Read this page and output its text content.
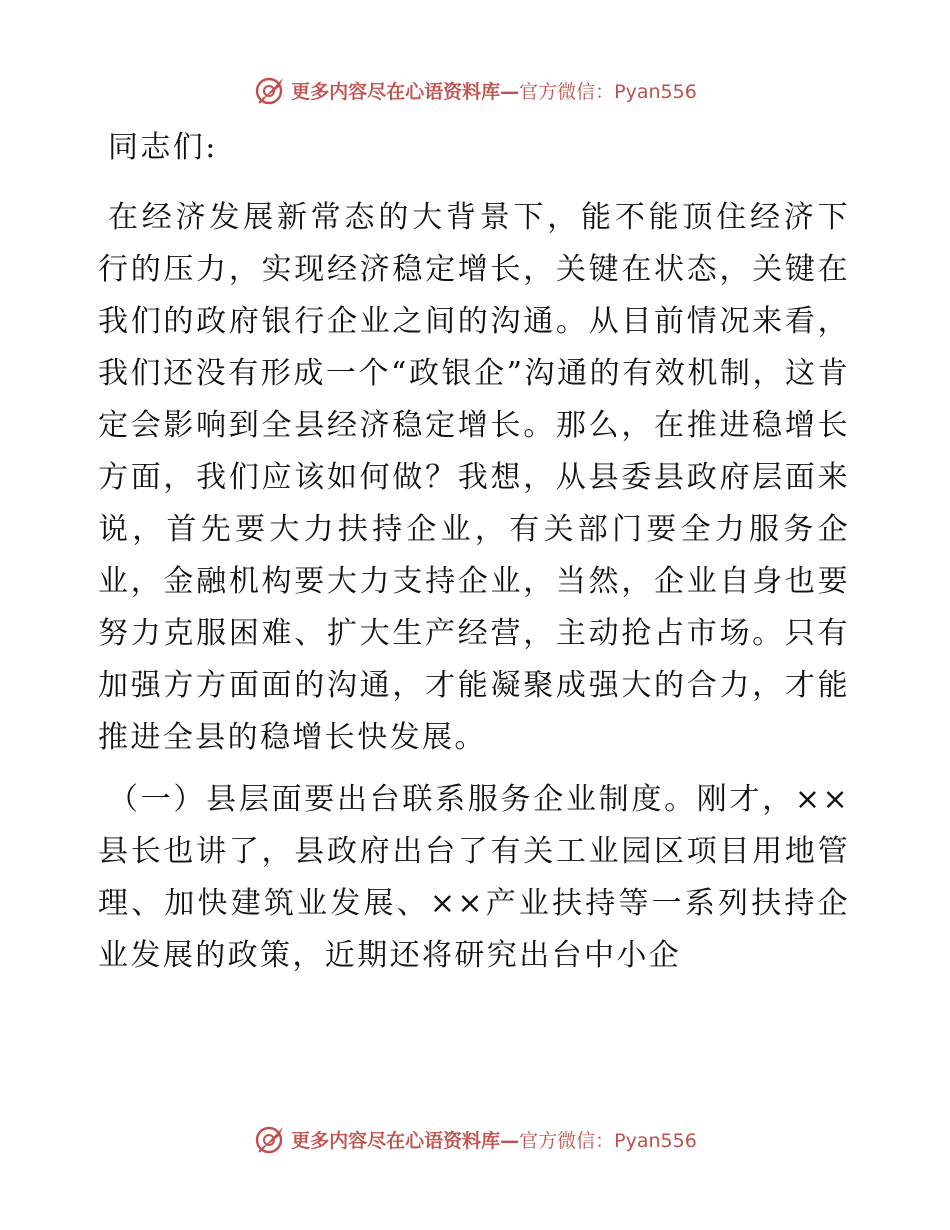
更多内容尽在心语资料库—官方微信：Pyan556

同志们:

在经济发展新常态的大背景下，能不能顶住经济下行的压力，实现经济稳定增长，关键在状态，关键在我们的政府银行企业之间的沟通。从目前情况来看，我们还没有形成一个“政银企”沟通的有效机制，这肯定会影响到全县经济稳定增长。那么，在推进稳增长方面，我们应该如何做？我想，从县委县政府层面来说，首先要大力扶持企业，有关部门要全力服务企业，金融机构要大力支持企业，当然，企业自身也要努力克服困难、扩大生产经营，主动抢占市场。只有加强方方面面的沟通，才能凝聚成强大的合力，才能推进全县的稳增长快发展。

（一）县层面要出台联系服务企业制度。刚才，××县长也讲了，县政府出台了有关工业园区项目用地管理、加快建筑业发展、××产业扶持等一系列扶持企业发展的政策，近期还将研究出台中小企

更多内容尽在心语资料库—官方微信：Pyan556
